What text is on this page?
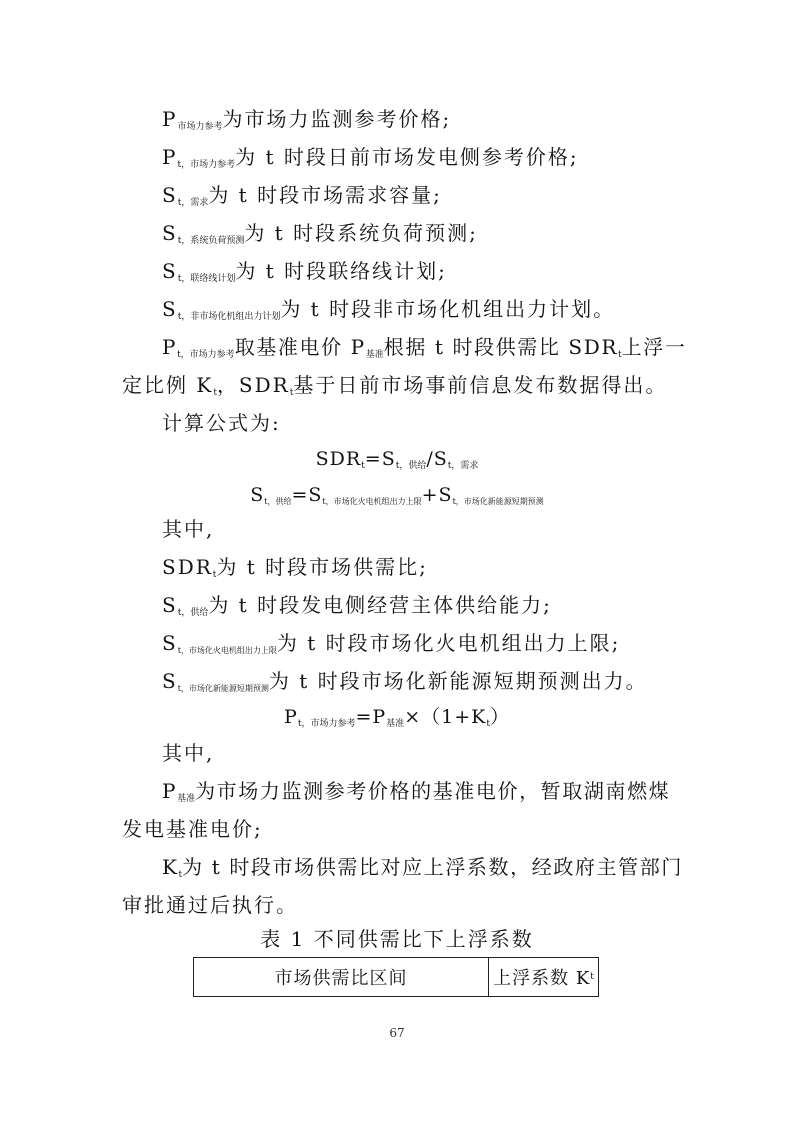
$P_{市场力参考}$为市场力监测参考价格;
$P_{t,市场力参考}$为 t 时段日前市场发电侧参考价格;
$S_{t,需求}$为 t 时段市场需求容量;
$S_{t,系统负荷预测}$为 t 时段系统负荷预测;
$S_{t,联络线计划}$为 t 时段联络线计划;
$S_{t,非市场化机组出力计划}$为 t 时段非市场化机组出力计划。
$P_{t,市场力参考}$取基准电价 $P_{基准}$根据 t 时段供需比 $SDR_t$上浮一
定比例 $K_t$，$SDR_t$基于日前市场事前信息发布数据得出。
计算公式为:
$SDR_t=S_{t,供给}/S_{t,需求}$
$S_{t,供给}=S_{t,市场化火电机组出力上限}+S_{t,市场化新能源短期预测}$
其中,
$SDR_t$为 t 时段市场供需比;
$S_{t,供给}$为 t 时段发电侧经营主体供给能力;
$S_{t,市场化火电机组出力上限}$为 t 时段市场化火电机组出力上限;
$S_{t,市场化新能源短期预测}$为 t 时段市场化新能源短期预测出力。
$P_{t,市场力参考}=P_{基准}\times(1+K_t)$
其中,
$P_{基准}$为市场力监测参考价格的基准电价，暂取湖南燃煤
发电基准电价;
$K_t$为 t 时段市场供需比对应上浮系数，经政府主管部门
审批通过后执行。
表 1 不同供需比下上浮系数
市场供需比区间	上浮系数 K t
67
